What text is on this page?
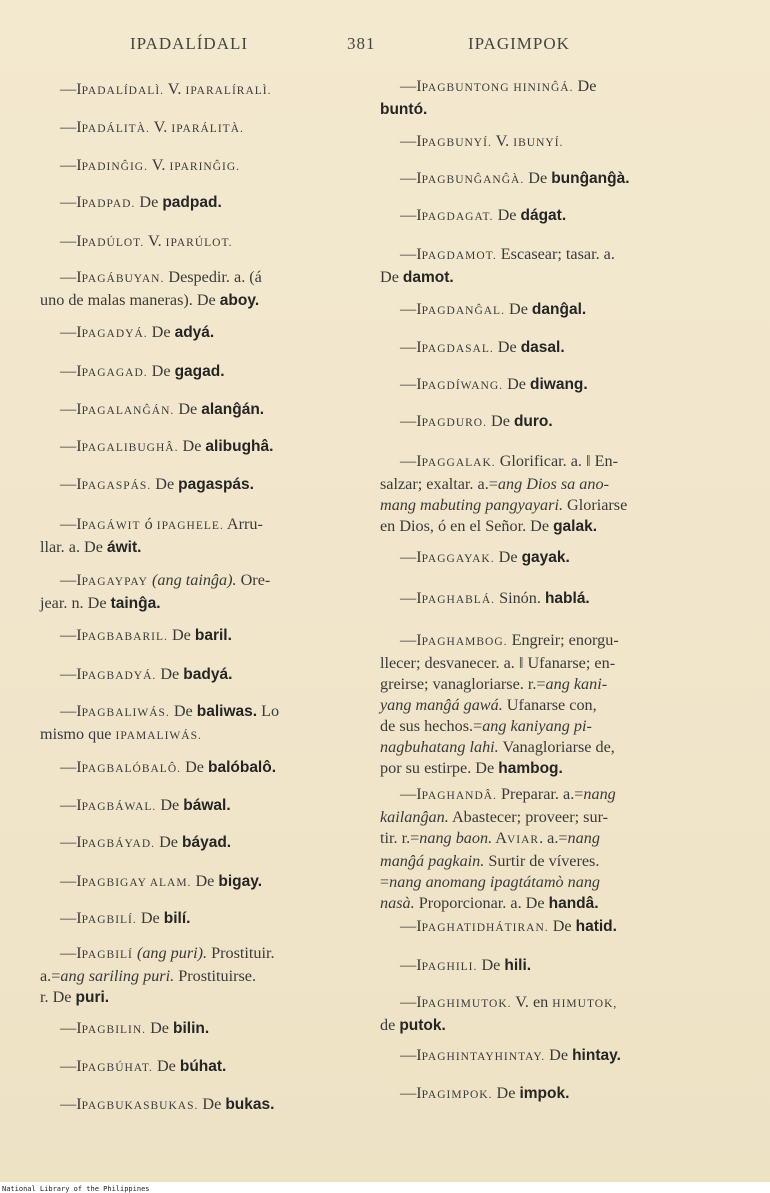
IPADALÍDALI	381	IPAGIMPOK
—IPADALÍDALÌ. V. IPARALÍRALÌ.
—IPADÁLITÀ. V. IPARÁLITÀ.
—IPADINĜIG. V. IPARINĜIG.
—IPADPAD. De padpad.
—IPADÚLOT. V. IPARÚLOT.
—IPAGÁBUYAN. Despedir. a. (á
uno de malas maneras). De aboy.
—IPAGADYÁ. De adyá.
—IPAGAGAD. De gagad.
—IPAGALANĜÁN. De alanĝán.
—IPAGALIBUGHÂ. De alibughâ.
—IPAGASPÁS. De pagaspás.
—IPAGÁWIT ó IPAGHELE. Arru-
llar. a. De áwit.
—IPAGAYPAY (ang tainĝa). Ore-
jear. n. De tainĝa.
—IPAGBABARIL. De baril.
—IPAGBADYÁ. De badyá.
—IPAGBALIWÁS. De baliwas. Lo
mismo que IPAMALIWÁS.
—IPAGBALÓBALÔ. De balóbalô.
—IPAGBÁWAL. De báwal.
—IPAGBÁYAD. De báyad.
—IPAGBIGAY ALAM. De bigay.
—IPAGBILÍ. De bilí.
—IPAGBILÍ (ang puri). Prostituir.
a.=ang sariling puri. Prostituirse.
r. De puri.
—IPAGBILIN. De bilin.
—IPAGBÚHAT. De búhat.
—IPAGBUKASBUKAS. De bukas.
—IPAGBUNTONG HININĜÁ. De
buntó.
—IPAGBUNYÍ. V. IBUNYÍ.
—IPAGBUNĜANĜÀ. De bunĝanĝà.
—IPAGDAGAT. De dágat.
—IPAGDAMOT. Escasear; tasar. a.
De damot.
—IPAGDANĜAL. De danĝal.
—IPAGDASAL. De dasal.
—IPAGDÍWANG. De diwang.
—IPAGDURO. De duro.
—IPAGGALAK. Glorificar. a. ‖ En-
salzar; exaltar. a.=ang Dios sa ano-
mang mabuting pangyayari. Gloriarse
en Dios, ó en el Señor. De galak.
—IPAGGAYAK. De gayak.
—IPAGHABLÁ. Sinón. hablá.
—IPAGHAMBOG. Engreir; enorgu-
llecer; desvanecer. a. ‖ Ufanarse; en-
greirse; vanagloriarse. r.=ang kani-
yang manĝá gawá. Ufanarse con,
de sus hechos.=ang kaniyang pi-
nagbuhatang lahi. Vanagloriarse de,
por su estirpe. De hambog.
—IPAGHANDÂ. Preparar. a.=nang
kailanĝan. Abastecer; proveer; sur-
tir. r.=nang baon. AVIAR. a.=nang
manĝá pagkain. Surtir de víveres.
=nang anomang ipagtátamò nang
nasà. Proporcionar. a. De handâ.
—IPAGHATIDHÁTIRAN. De hatid.
—IPAGHILI. De hili.
—IPAGHIMUTOK. V. en HIMUTOK,
de putok.
—IPAGHINTAYHINTAY. De hintay.
—IPAGIMPOK. De impok.
National Library of the Philippines
